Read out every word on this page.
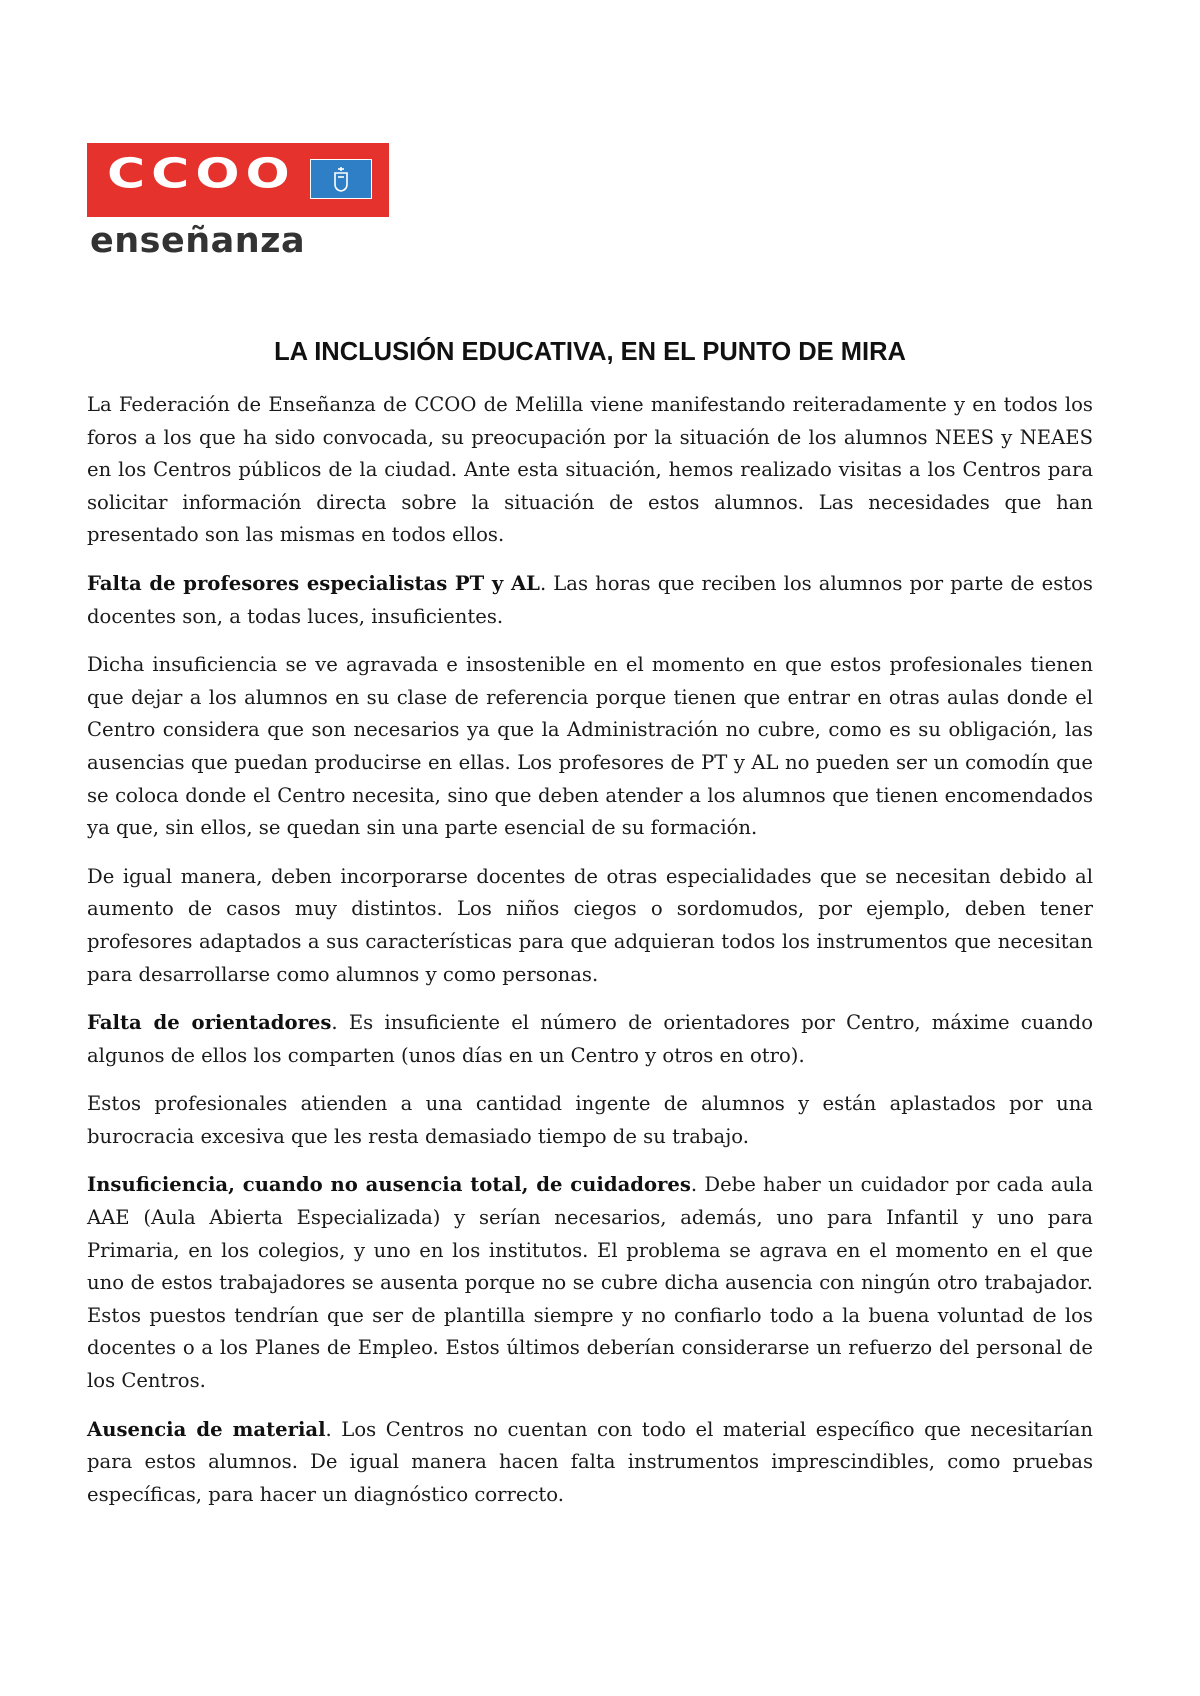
CCOO
enseñanza
LA INCLUSIÓN EDUCATIVA, EN EL PUNTO DE MIRA

La Federación de Enseñanza de CCOO de Melilla viene manifestando reiteradamente y en todos los foros a los que ha sido convocada, su preocupación por la situación de los alumnos NEES y NEAES en los Centros públicos de la ciudad. Ante esta situación, hemos realizado visitas a los Centros para solicitar información directa sobre la situación de estos alumnos. Las necesidades que han presentado son las mismas en todos ellos.

Falta de profesores especialistas PT y AL. Las horas que reciben los alumnos por parte de estos docentes son, a todas luces, insuficientes.

Dicha insuficiencia se ve agravada e insostenible en el momento en que estos profesionales tienen que dejar a los alumnos en su clase de referencia porque tienen que entrar en otras aulas donde el Centro considera que son necesarios ya que la Administración no cubre, como es su obligación, las ausencias que puedan producirse en ellas. Los profesores de PT y AL no pueden ser un comodín que se coloca donde el Centro necesita, sino que deben atender a los alumnos que tienen encomendados ya que, sin ellos, se quedan sin una parte esencial de su formación.

De igual manera, deben incorporarse docentes de otras especialidades que se necesitan debido al aumento de casos muy distintos. Los niños ciegos o sordomudos, por ejemplo, deben tener profesores adaptados a sus características para que adquieran todos los instrumentos que necesitan para desarrollarse como alumnos y como personas.

Falta de orientadores. Es insuficiente el número de orientadores por Centro, máxime cuando algunos de ellos los comparten (unos días en un Centro y otros en otro).

Estos profesionales atienden a una cantidad ingente de alumnos y están aplastados por una burocracia excesiva que les resta demasiado tiempo de su trabajo.

Insuficiencia, cuando no ausencia total, de cuidadores. Debe haber un cuidador por cada aula AAE (Aula Abierta Especializada) y serían necesarios, además, uno para Infantil y uno para Primaria, en los colegios, y uno en los institutos. El problema se agrava en el momento en el que uno de estos trabajadores se ausenta porque no se cubre dicha ausencia con ningún otro trabajador. Estos puestos tendrían que ser de plantilla siempre y no confiarlo todo a la buena voluntad de los docentes o a los Planes de Empleo. Estos últimos deberían considerarse un refuerzo del personal de los Centros.

Ausencia de material. Los Centros no cuentan con todo el material específico que necesitarían para estos alumnos. De igual manera hacen falta instrumentos imprescindibles, como pruebas específicas, para hacer un diagnóstico correcto.
